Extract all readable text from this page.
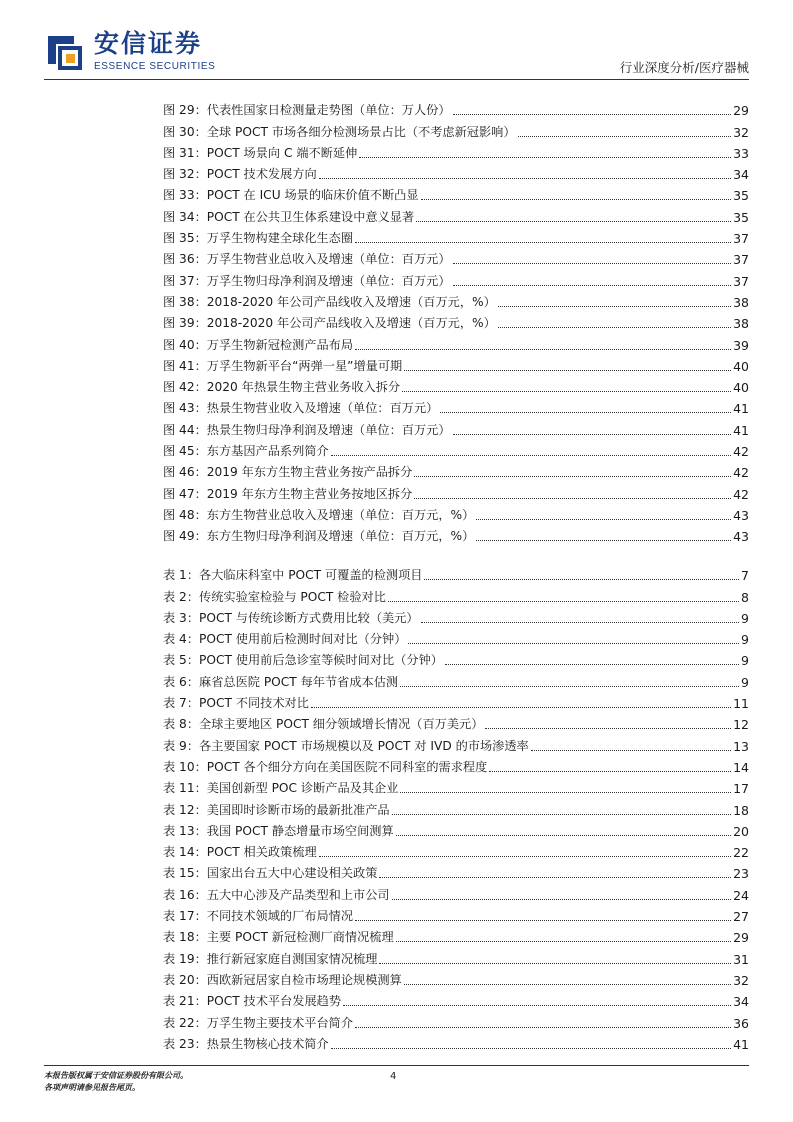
安信证券
ESSENCE SECURITIES	行业深度分析/医疗器械
图 29：代表性国家日检测量走势图（单位：万人份）	29
图 30：全球 POCT 市场各细分检测场景占比（不考虑新冠影响）	32
图 31：POCT 场景向 C 端不断延伸	33
图 32：POCT 技术发展方向	34
图 33：POCT 在 ICU 场景的临床价值不断凸显	35
图 34：POCT 在公共卫生体系建设中意义显著	35
图 35：万孚生物构建全球化生态圈	37
图 36：万孚生物营业总收入及增速（单位：百万元）	37
图 37：万孚生物归母净利润及增速（单位：百万元）	37
图 38：2018-2020 年公司产品线收入及增速（百万元，%）	38
图 39：2018-2020 年公司产品线收入及增速（百万元，%）	38
图 40：万孚生物新冠检测产品布局	39
图 41：万孚生物新平台“两弹一星”增量可期	40
图 42：2020 年热景生物主营业务收入拆分	40
图 43：热景生物营业收入及增速（单位：百万元）	41
图 44：热景生物归母净利润及增速（单位：百万元）	41
图 45：东方基因产品系列简介	42
图 46：2019 年东方生物主营业务按产品拆分	42
图 47：2019 年东方生物主营业务按地区拆分	42
图 48：东方生物营业总收入及增速（单位：百万元，%）	43
图 49：东方生物归母净利润及增速（单位：百万元，%）	43
表 1：各大临床科室中 POCT 可覆盖的检测项目	7
表 2：传统实验室检验与 POCT 检验对比	8
表 3：POCT 与传统诊断方式费用比较（美元）	9
表 4：POCT 使用前后检测时间对比（分钟）	9
表 5：POCT 使用前后急诊室等候时间对比（分钟）	9
表 6：麻省总医院 POCT 每年节省成本估测	9
表 7：POCT 不同技术对比	11
表 8：全球主要地区 POCT 细分领域增长情况（百万美元）	12
表 9：各主要国家 POCT 市场规模以及 POCT 对 IVD 的市场渗透率	13
表 10：POCT 各个细分方向在美国医院不同科室的需求程度	14
表 11：美国创新型 POC 诊断产品及其企业	17
表 12：美国即时诊断市场的最新批准产品	18
表 13：我国 POCT 静态增量市场空间测算	20
表 14：POCT 相关政策梳理	22
表 15：国家出台五大中心建设相关政策	23
表 16：五大中心涉及产品类型和上市公司	24
表 17：不同技术领域的厂布局情况	27
表 18：主要 POCT 新冠检测厂商情况梳理	29
表 19：推行新冠家庭自测国家情况梳理	31
表 20：西欧新冠居家自检市场理论规模测算	32
表 21：POCT 技术平台发展趋势	34
表 22：万孚生物主要技术平台简介	36
表 23：热景生物核心技术简介	41
本报告版权属于安信证券股份有限公司。
各项声明请参见报告尾页。
4
